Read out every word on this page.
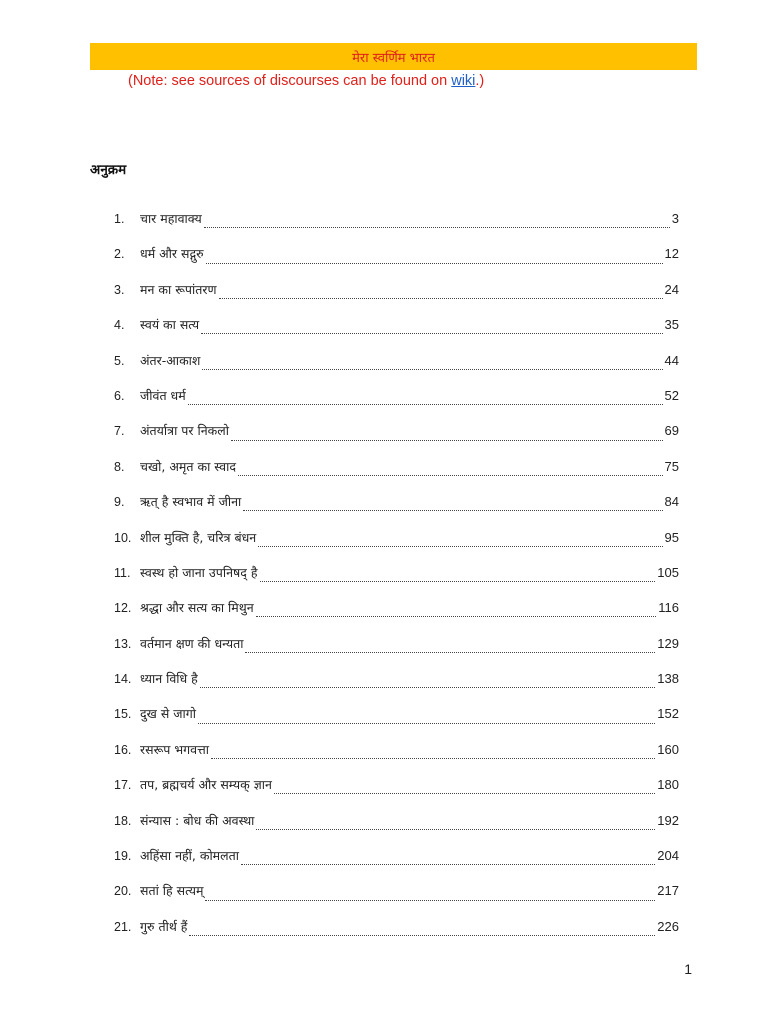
मेरा स्वर्णिम भारत
(Note: see sources of discourses can be found on wiki.)
अनुक्रम
1.	चार महावाक्य	3
2.	धर्म और सद्गुरु	12
3.	मन का रूपांतरण	24
4.	स्वयं का सत्य	35
5.	अंतर-आकाश	44
6.	जीवंत धर्म	52
7.	अंतर्यात्रा पर निकलो	69
8.	चखो, अमृत का स्वाद	75
9.	ऋत् है स्वभाव में जीना	84
10. शील मुक्ति है, चरित्र बंधन	95
11. स्वस्थ हो जाना उपनिषद् है	105
12. श्रद्धा और सत्य का मिथुन	116
13. वर्तमान क्षण की धन्यता	129
14. ध्यान विधि है	138
15. दुख से जागो	152
16. रसरूप भगवत्ता	160
17. तप, ब्रह्मचर्य और सम्यक् ज्ञान	180
18. संन्यास : बोध की अवस्था	192
19. अहिंसा नहीं, कोमलता	204
20. सतां हि सत्यम्	217
21. गुरु तीर्थ हैं	226
1
